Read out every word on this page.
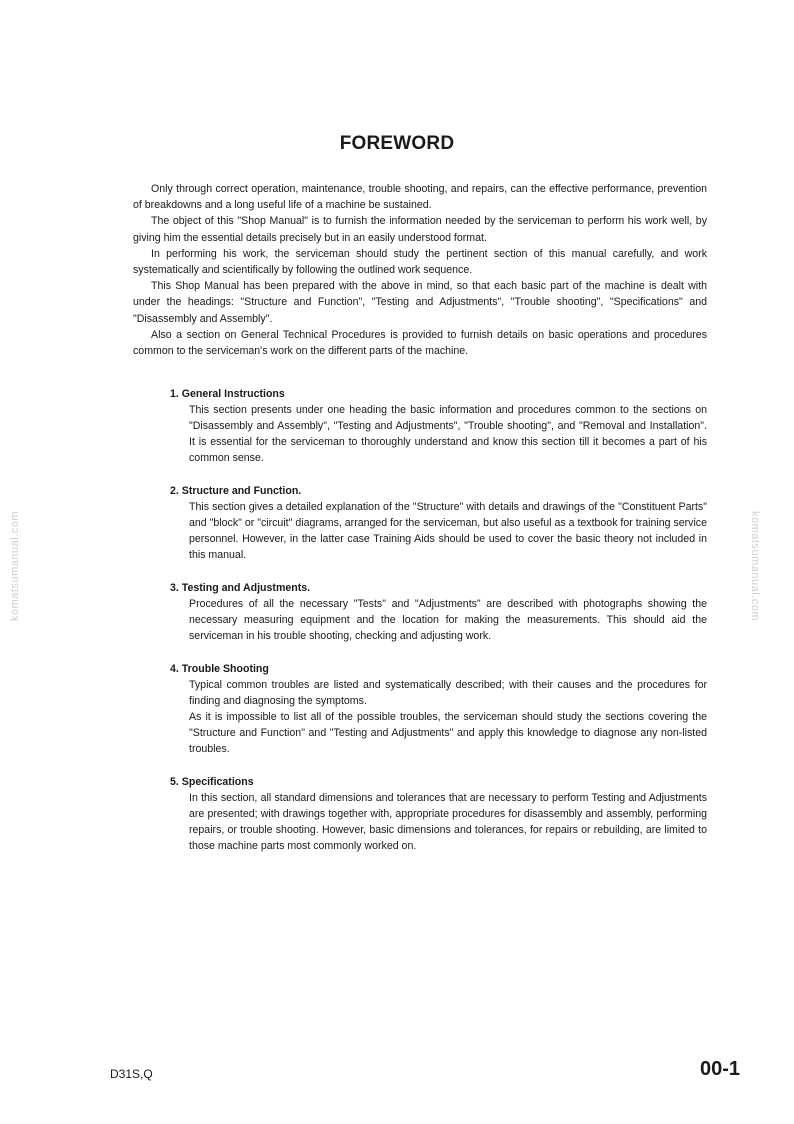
FOREWORD

Only through correct operation, maintenance, trouble shooting, and repairs, can the effective performance, prevention of breakdowns and a long useful life of a machine be sustained.

The object of this "Shop Manual" is to furnish the information needed by the serviceman to perform his work well, by giving him the essential details precisely but in an easily understood format.

In performing his work, the serviceman should study the pertinent section of this manual carefully, and work systematically and scientifically by following the outlined work sequence.

This Shop Manual has been prepared with the above in mind, so that each basic part of the machine is dealt with under the headings: "Structure and Function", "Testing and Adjustments", "Trouble shooting", "Specifications" and "Disassembly and Assembly".

Also a section on General Technical Procedures is provided to furnish details on basic operations and procedures common to the serviceman's work on the different parts of the machine.

1. General Instructions

This section presents under one heading the basic information and procedures common to the sections on "Disassembly and Assembly", "Testing and Adjustments", "Trouble shooting", and "Removal and Installation". It is essential for the serviceman to thoroughly understand and know this section till it becomes a part of his common sense.

2. Structure and Function.

This section gives a detailed explanation of the "Structure" with details and drawings of the "Constituent Parts" and "block" or "circuit" diagrams, arranged for the serviceman, but also useful as a textbook for training service personnel. However, in the latter case Training Aids should be used to cover the basic theory not included in this manual.

3. Testing and Adjustments.

Procedures of all the necessary "Tests" and "Adjustments" are described with photographs showing the necessary measuring equipment and the location for making the measurements. This should aid the serviceman in his trouble shooting, checking and adjusting work.

4. Trouble Shooting

Typical common troubles are listed and systematically described; with their causes and the procedures for finding and diagnosing the symptoms.

As it is impossible to list all of the possible troubles, the serviceman should study the sections covering the "Structure and Function" and "Testing and Adjustments" and apply this knowledge to diagnose any non-listed troubles.

5. Specifications

In this section, all standard dimensions and tolerances that are necessary to perform Testing and Adjustments are presented; with drawings together with, appropriate procedures for disassembly and assembly, performing repairs, or trouble shooting. However, basic dimensions and tolerances, for repairs or rebuilding, are limited to those machine parts most commonly worked on.

komatsumanual.com	komatsumanual.com
D31S,Q	00-1
